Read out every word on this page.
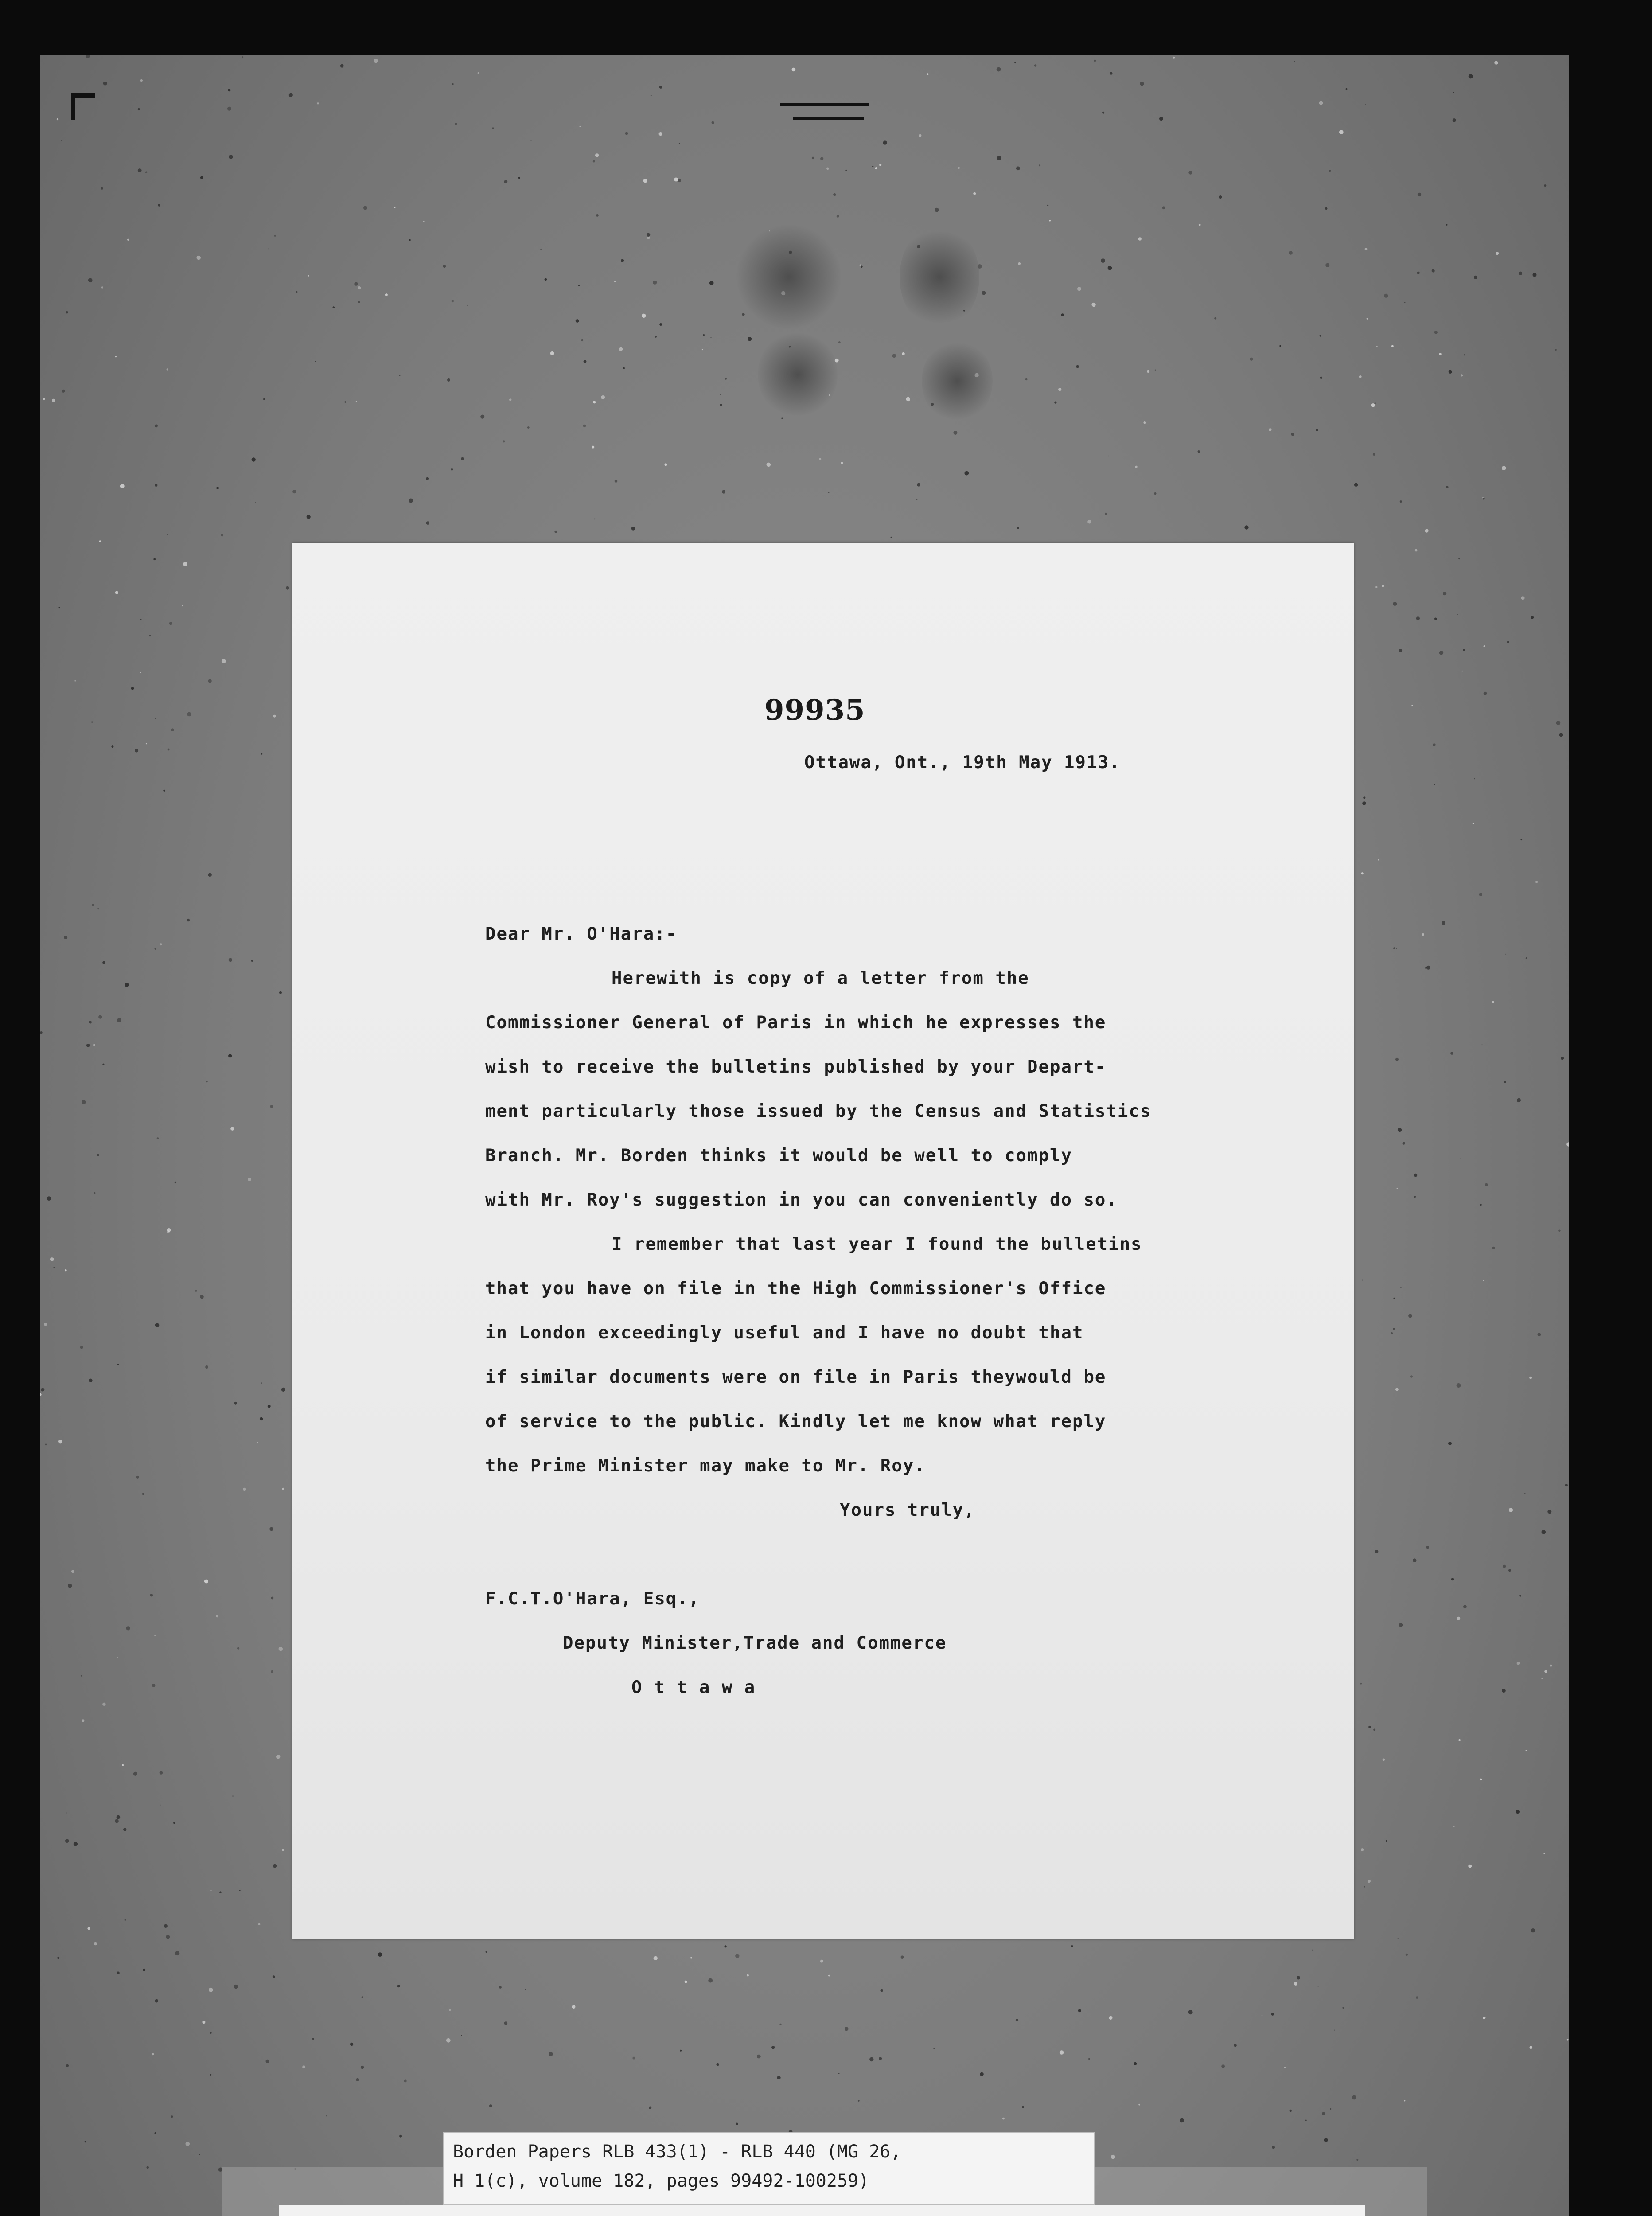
99935
Ottawa, Ont., 19th May 1913.
Dear Mr. O'Hara:-
Herewith is copy of a letter from the
Commissioner General of Paris in which he expresses the
wish to receive the bulletins published by your Depart-
ment particularly those issued by the Census and Statistics
Branch. Mr. Borden thinks it would be well to comply
with Mr. Roy's suggestion in you can conveniently do so.
I remember that last year I found the bulletins
that you have on file in the High Commissioner's Office
in London exceedingly useful and I have no doubt that
if similar documents were on file in Paris theywould be
of service to the public. Kindly let me know what reply
the Prime Minister may make to Mr. Roy.
Yours truly,
F.C.T.O'Hara, Esq.,
Deputy Minister,Trade and Commerce
O t t a w a
Borden Papers RLB 433(1) - RLB 440 (MG 26,
H 1(c), volume 182, pages 99492-100259)
